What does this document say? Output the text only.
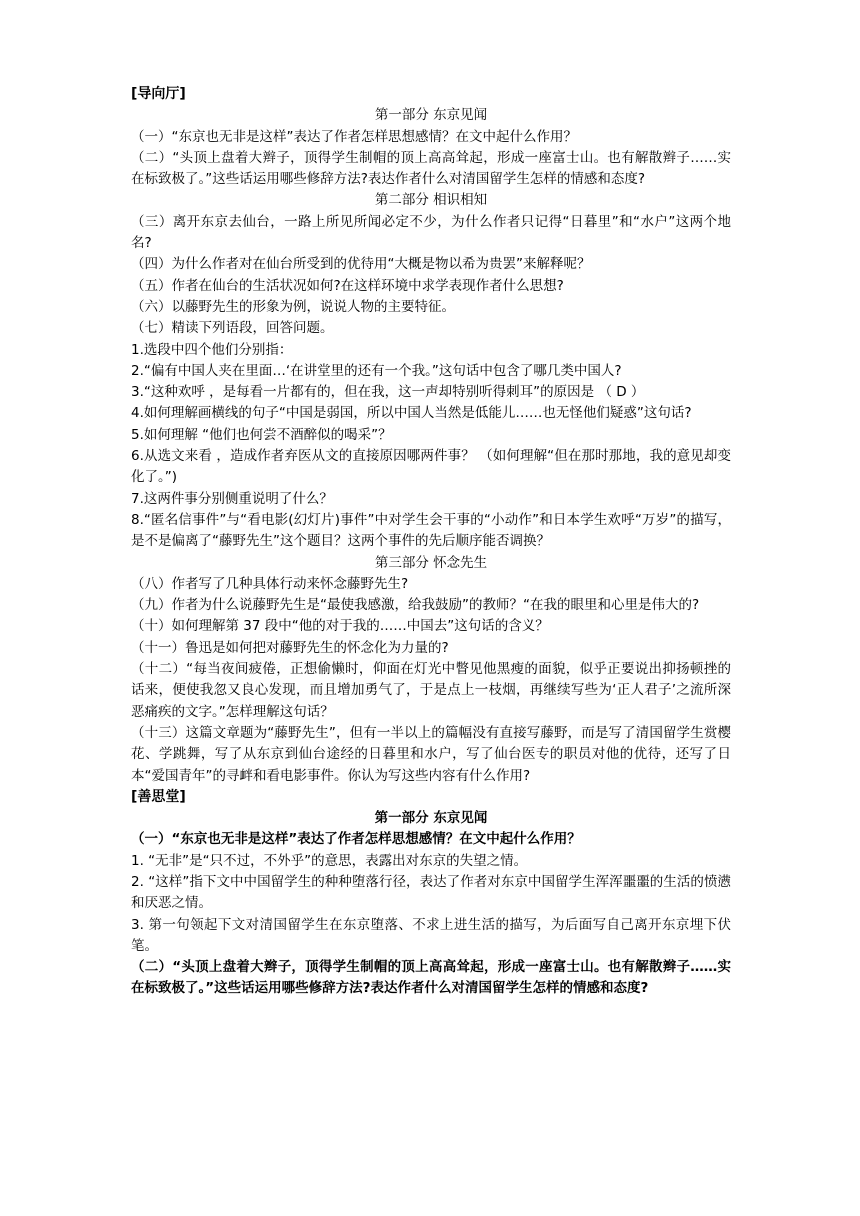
[导向厅]

第一部分 东京见闻

（一）“东京也无非是这样”表达了作者怎样思想感情？在文中起什么作用？

（二）“头顶上盘着大辫子，顶得学生制帽的顶上高高耸起，形成一座富士山。也有解散辫子……实在标致极了。”这些话运用哪些修辞方法?表达作者什么对清国留学生怎样的情感和态度?

第二部分 相识相知

（三）离开东京去仙台，一路上所见所闻必定不少，为什么作者只记得“日暮里”和“水户”这两个地名?

（四）为什么作者对在仙台所受到的优待用“大概是物以希为贵罢”来解释呢？

（五）作者在仙台的生活状况如何?在这样环境中求学表现作者什么思想?

（六）以藤野先生的形象为例，说说人物的主要特征。

（七）精读下列语段，回答问题。

1.选段中四个他们分别指：

2.“偏有中国人夹在里面…‘在讲堂里的还有一个我。”这句话中包含了哪几类中国人?

3.“这种欢呼 ，是每看一片都有的，但在我，这一声却特别听得刺耳”的原因是 （ D ）

4.如何理解画横线的句子“中国是弱国，所以中国人当然是低能儿……也无怪他们疑惑”这句话?

5.如何理解 “他们也何尝不酒醉似的喝采”？

6.从选文来看 ，造成作者弃医从文的直接原因哪两件事？ （如何理解“但在那时那地，我的意见却变化了。”)

7.这两件事分别侧重说明了什么？

8.“匿名信事件”与“看电影(幻灯片)事件”中对学生会干事的“小动作”和日本学生欢呼“万岁”的描写，是不是偏离了“藤野先生”这个题目？这两个事件的先后顺序能否调换？

第三部分 怀念先生

（八）作者写了几种具体行动来怀念藤野先生?

（九）作者为什么说藤野先生是“最使我感激，给我鼓励”的教师？“在我的眼里和心里是伟大的?

（十）如何理解第 37 段中“他的对于我的……中国去”这句话的含义？

（十一）鲁迅是如何把对藤野先生的怀念化为力量的?

（十二）“每当夜间疲倦，正想偷懒时，仰面在灯光中瞥见他黑瘦的面貌，似乎正要说出抑扬顿挫的话来，便使我忽又良心发现，而且增加勇气了，于是点上一枝烟，再继续写些为‘正人君子’之流所深恶痛疾的文字。”怎样理解这句话？

（十三）这篇文章题为“藤野先生”，但有一半以上的篇幅没有直接写藤野，而是写了清国留学生赏樱花、学跳舞，写了从东京到仙台途经的日暮里和水户，写了仙台医专的职员对他的优待，还写了日本“爱国青年”的寻衅和看电影事件。你认为写这些内容有什么作用?

[善思堂]

第一部分 东京见闻

（一）“东京也无非是这样”表达了作者怎样思想感情？在文中起什么作用？

1. “无非”是“只不过，不外乎”的意思，表露出对东京的失望之情。

2. “这样”指下文中中国留学生的种种堕落行径，表达了作者对东京中国留学生浑浑噩噩的生活的愤懑和厌恶之情。

3. 第一句领起下文对清国留学生在东京堕落、不求上进生活的描写，为后面写自己离开东京埋下伏笔。

（二）“头顶上盘着大辫子，顶得学生制帽的顶上高高耸起，形成一座富士山。也有解散辫子……实在标致极了。”这些话运用哪些修辞方法?表达作者什么对清国留学生怎样的情感和态度?
